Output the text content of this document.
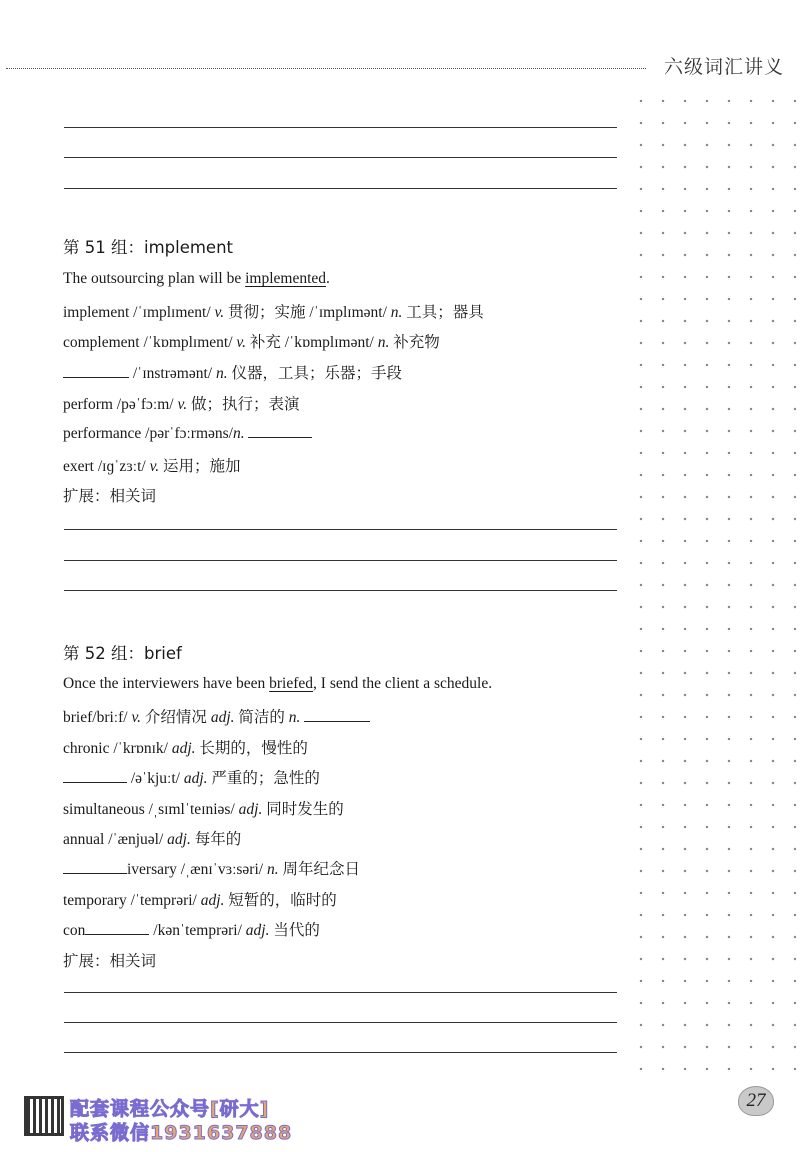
六级词汇讲义
第 51 组：implement
The outsourcing plan will be implemented.
implement /ˈɪmplɪment/ v. 贯彻；实施 /ˈɪmplɪmənt/ n. 工具；器具
complement /ˈkɒmplɪment/ v. 补充 /ˈkɒmplɪmənt/ n. 补充物
/ˈɪnstrəmənt/ n. 仪器，工具；乐器；手段
perform /pəˈfɔːm/ v. 做；执行；表演
performance /pərˈfɔːrməns/n.
exert /ɪɡˈzɜːt/ v. 运用；施加
扩展：相关词
第 52 组：brief
Once the interviewers have been briefed, I send the client a schedule.
brief/briːf/ v. 介绍情况 adj. 简洁的 n.
chronic /ˈkrɒnɪk/ adj. 长期的，慢性的
/əˈkjuːt/ adj. 严重的；急性的
simultaneous /ˌsɪmlˈteɪniəs/ adj. 同时发生的
annual /ˈænjuəl/ adj. 每年的
iversary /ˌænɪˈvɜːsəri/ n. 周年纪念日
temporary /ˈtemprəri/ adj. 短暂的，临时的
con	/kənˈtemprəri/ adj. 当代的
扩展：相关词
配套课程公众号[研大]
联系微信1931637888
27
